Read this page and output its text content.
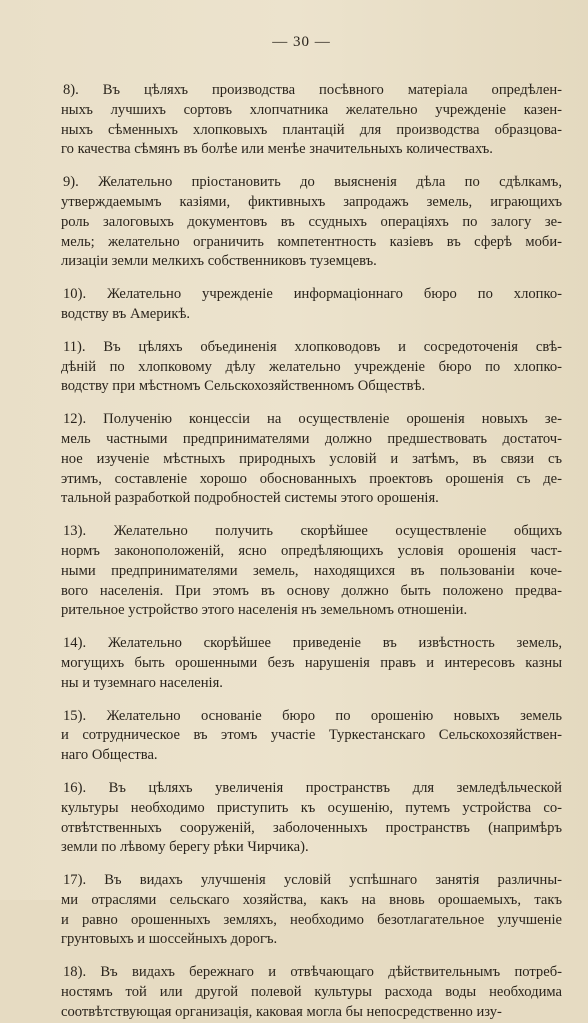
— 30 —
8). Въ цѣляхъ производства посѣвного матеріала опредѣлен-
ныхъ лучшихъ сортовъ хлопчатника желательно учрежденіе казен-
ныхъ сѣменныхъ хлопковыхъ плантацій для производства образцова-
го качества сѣмянъ въ болѣе или менѣе значительныхъ количествахъ.
9). Желательно пріостановить до выясненія дѣла по сдѣлкамъ,
утверждаемымъ казіями, фиктивныхъ запродажъ земель, играющихъ
роль залоговыхъ документовъ въ ссудныхъ операціяхъ по залогу зе-
мель; желательно ограничить компетентность казіевъ въ сферѣ моби-
лизаціи земли мелкихъ собственниковъ туземцевъ.
10). Желательно учрежденіе информаціоннаго бюро по хлопко-
водству въ Америкѣ.
11). Въ цѣляхъ объединенія хлопководовъ и сосредоточенія свѣ-
дѣній по хлопковому дѣлу желательно учрежденіе бюро по хлопко-
водству при мѣстномъ Сельскохозяйственномъ Обществѣ.
12). Полученію концессіи на осуществленіе орошенія новыхъ зе-
мель частными предпринимателями должно предшествовать достаточ-
ное изученіе мѣстныхъ природныхъ условій и затѣмъ, въ связи съ
этимъ, составленіе хорошо обоснованныхъ проектовъ орошенія съ де-
тальной разработкой подробностей системы этого орошенія.
13). Желательно получить скорѣйшее осуществленіе общихъ
нормъ законоположеній, ясно опредѣляющихъ условія орошенія част-
ными предпринимателями земель, находящихся въ пользованіи коче-
вого населенія. При этомъ въ основу должно быть положено предва-
рительное устройство этого населенія нъ земельномъ отношеніи.
14). Желательно скорѣйшее приведеніе въ извѣстность земель,
могущихъ быть орошенными безъ нарушенія правъ и интересовъ казны
ны и туземнаго населенія.
15). Желательно основаніе бюро по орошенію новыхъ земель
и сотрудническое въ этомъ участіе Туркестанскаго Сельскохозяйствен-
наго Общества.
16). Въ цѣляхъ увеличенія пространствъ для земледѣльческой
культуры необходимо приступить къ осушенію, путемъ устройства со-
отвѣтственныхъ сооруженій, заболоченныхъ пространствъ (напримѣръ
земли по лѣвому берегу рѣки Чирчика).
17). Въ видахъ улучшенія условій успѣшнаго занятія различны-
ми отраслями сельскаго хозяйства, какъ на вновь орошаемыхъ, такъ
и равно орошенныхъ земляхъ, необходимо безотлагательное улучшеніе
грунтовыхъ и шоссейныхъ дорогъ.
18). Въ видахъ бережнаго и отвѣчающаго дѣйствительнымъ потреб-
ностямъ той или другой полевой культуры расхода воды необходима
соотвѣтствующая организація, каковая могла бы непосредственно изу-
